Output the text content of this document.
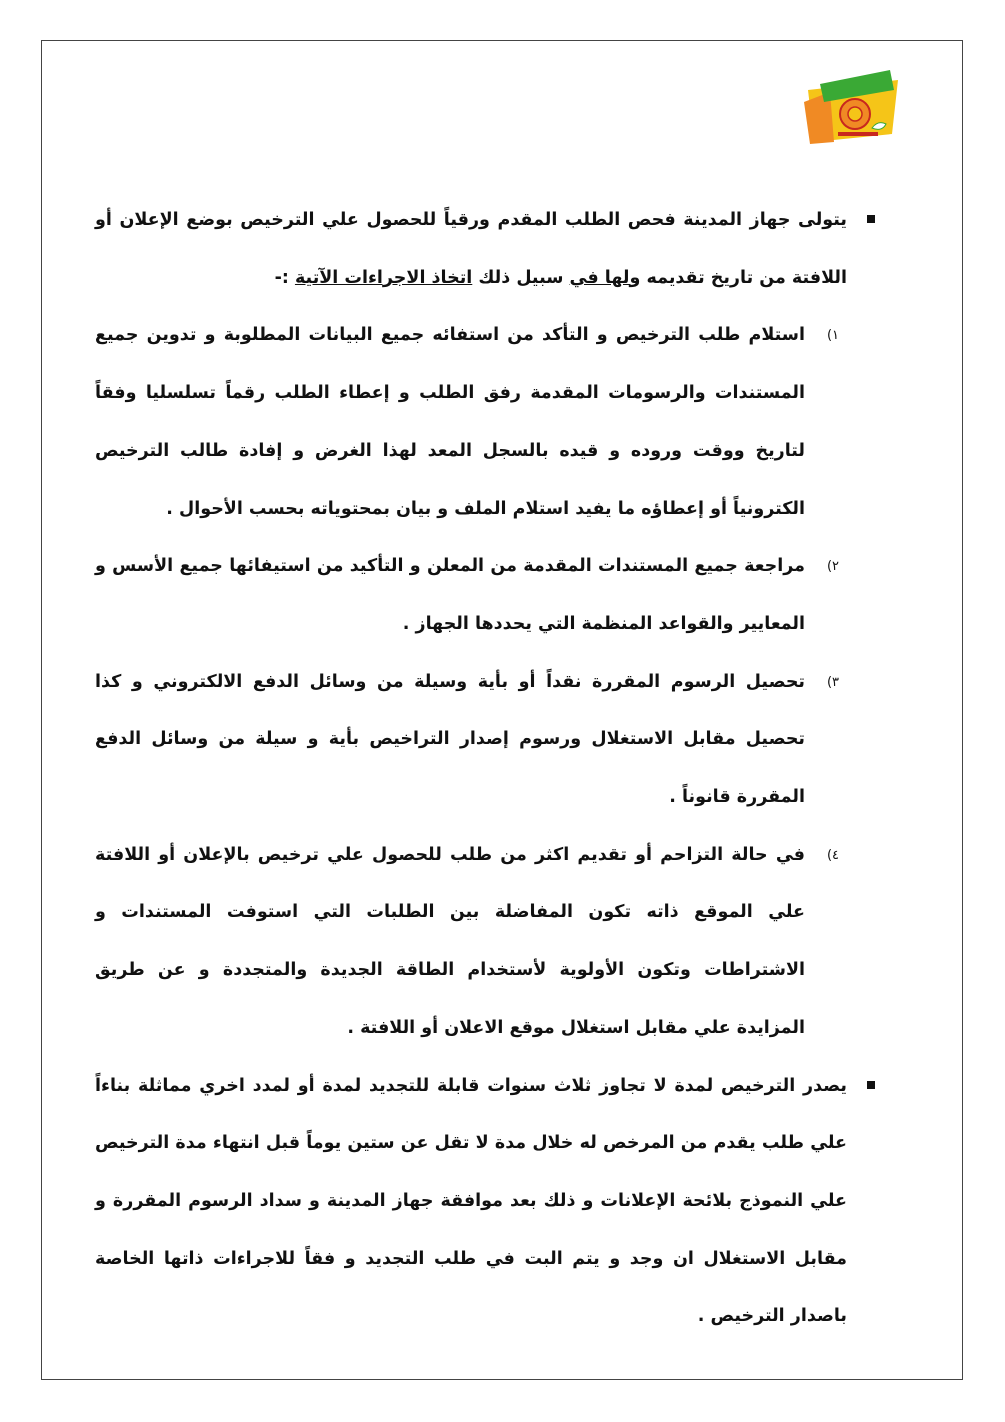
يتولى جهاز المدينة فحص الطلب المقدم ورقياً للحصول علي الترخيص بوضع الإعلان أو اللافتة من تاريخ تقديمه ولها في سبيل ذلك اتخاذ الاجراءات الآتية :-
١)
استلام طلب الترخيص و التأكد من استفائه جميع البيانات المطلوبة و تدوين جميع المستندات والرسومات المقدمة رفق الطلب و إعطاء الطلب رقماً تسلسليا وفقاً لتاريخ ووقت وروده و قيده بالسجل المعد لهذا الغرض و إفادة طالب الترخيص الكترونياً أو إعطاؤه ما يفيد استلام الملف و بيان بمحتوياته بحسب الأحوال .
٢)
مراجعة جميع المستندات المقدمة من المعلن و التأكيد من استيفائها جميع الأسس و المعايير والقواعد المنظمة التي يحددها الجهاز .
٣)
تحصيل الرسوم المقررة نقداً أو بأية وسيلة من وسائل الدفع الالكتروني و كذا تحصيل مقابل الاستغلال ورسوم إصدار التراخيص بأية و سيلة من وسائل الدفع المقررة قانوناً .
٤)
في حالة التزاحم أو تقديم اكثر من طلب للحصول علي ترخيص بالإعلان أو اللافتة علي الموقع ذاته تكون المفاضلة بين الطلبات التي استوفت المستندات و الاشتراطات وتكون الأولوية لأستخدام الطاقة الجديدة والمتجددة و عن طريق المزايدة علي مقابل استغلال موقع الاعلان أو اللافتة .
يصدر الترخيص لمدة لا تجاوز ثلاث سنوات قابلة للتجديد لمدة أو لمدد اخري مماثلة بناءاً علي طلب يقدم من المرخص له خلال مدة لا تقل عن ستين يوماً قبل انتهاء مدة الترخيص علي النموذج بلائحة الإعلانات و ذلك بعد موافقة جهاز المدينة و سداد الرسوم المقررة و مقابل الاستغلال ان وجد و يتم البت في طلب التجديد و فقاً للاجراءات ذاتها الخاصة باصدار الترخيص .
